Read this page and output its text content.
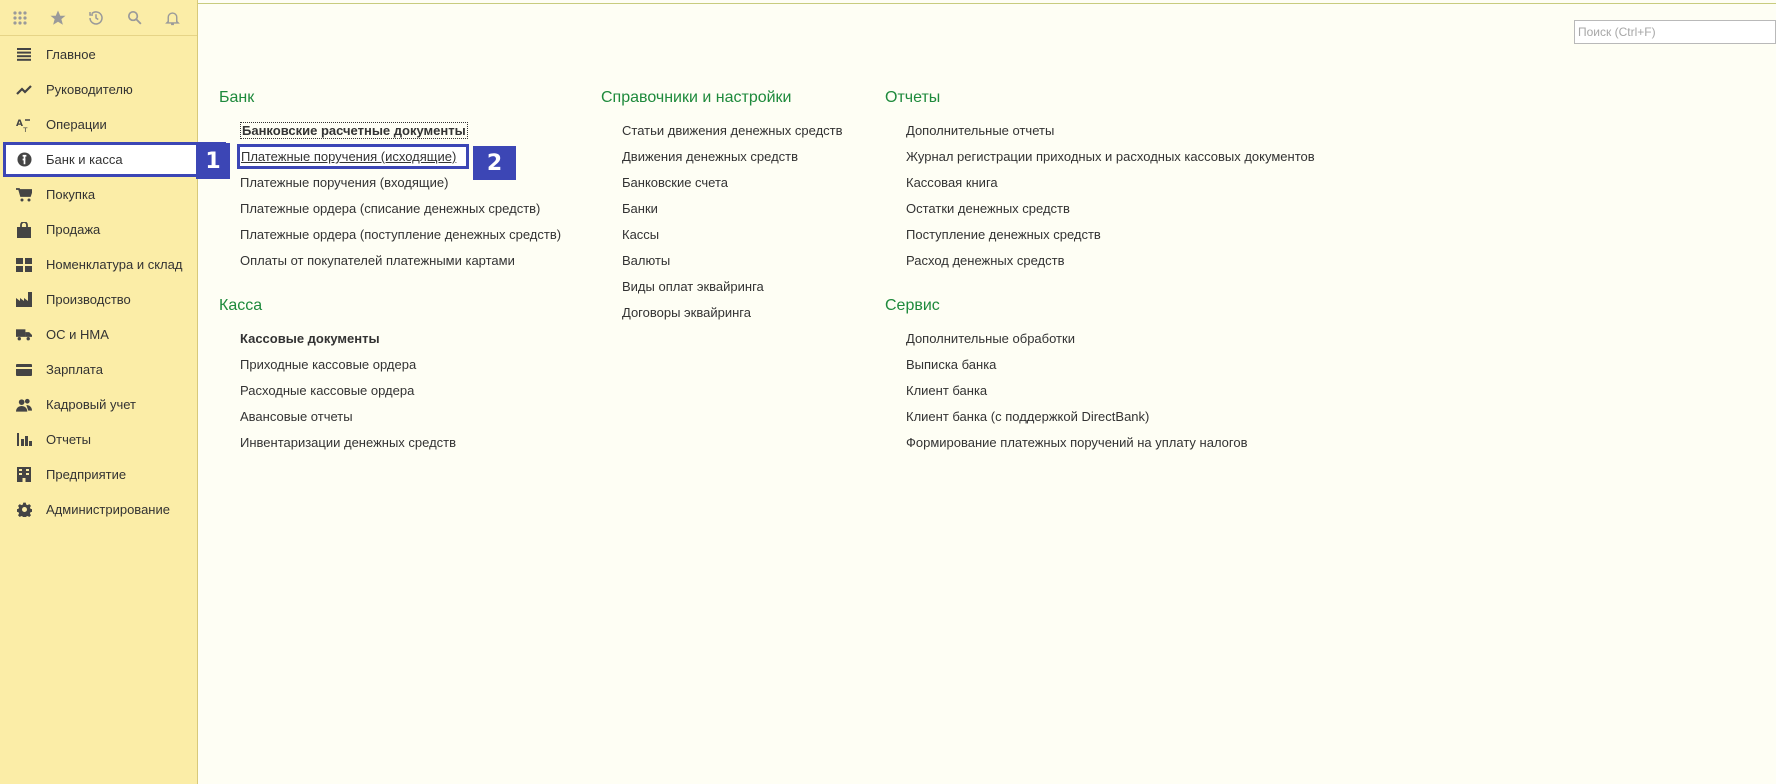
Главное
Руководителю
A
т Операции
Банк и касса
Покупка
Продажа
Номенклатура и склад
Производство
ОС и НМА
Зарплата
Кадровый учет
Отчеты
Предприятие
Администрирование
1	2
Поиск (Ctrl+F)
Банк
Банковские расчетные документы
Платежные поручения (исходящие)
Платежные поручения (входящие)
Платежные ордера (списание денежных средств)
Платежные ордера (поступление денежных средств)
Оплаты от покупателей платежными картами
Касса
Кассовые документы
Приходные кассовые ордера
Расходные кассовые ордера
Авансовые отчеты
Инвентаризации денежных средств
Справочники и настройки
Статьи движения денежных средств
Движения денежных средств
Банковские счета
Банки
Кассы
Валюты
Виды оплат эквайринга
Договоры эквайринга
Отчеты
Дополнительные отчеты
Журнал регистрации приходных и расходных кассовых документов
Кассовая книга
Остатки денежных средств
Поступление денежных средств
Расход денежных средств
Сервис
Дополнительные обработки
Выписка банка
Клиент банка
Клиент банка (с поддержкой DirectBank)
Формирование платежных поручений на уплату налогов
